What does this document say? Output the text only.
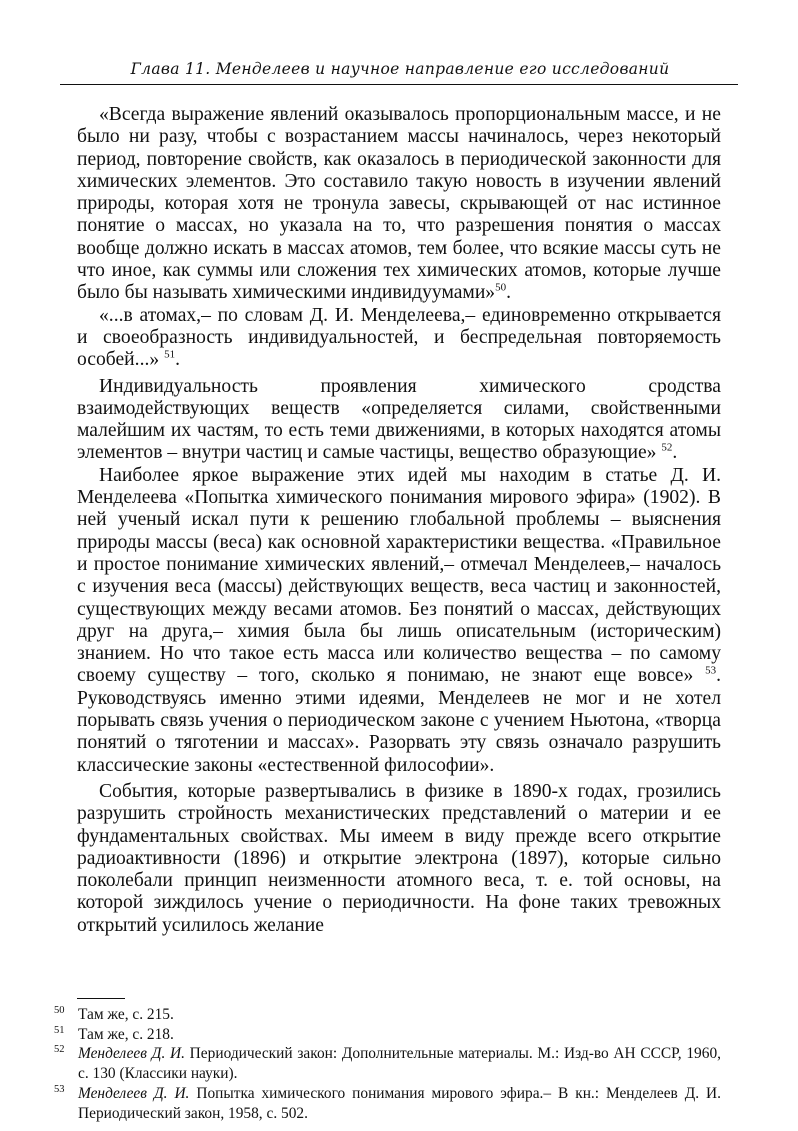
Глава 11. Менделеев и научное направление его исследований

«Всегда выражение явлений оказывалось пропорциональным массе, и не было ни разу, чтобы с возрастанием массы начиналось, через некоторый период, повторение свойств, как оказалось в периодической законности для химических элементов. Это составило такую новость в изучении явлений природы, которая хотя не тронула завесы, скрывающей от нас истинное понятие о массах, но указала на то, что разрешения понятия о массах вообще должно искать в массах атомов, тем более, что всякие массы суть не что иное, как суммы или сложения тех химических атомов, которые лучше было бы называть химическими индивидуумами»$^{50}$.

«...в атомах,– по словам Д. И. Менделеева,– единовременно открывается и своеобразность индивидуальностей, и беспредельная повторяемость особей...» $^{51}$.

Индивидуальность проявления химического сродства взаимодействующих веществ «определяется силами, свойственными малейшим их частям, то есть теми движениями, в которых находятся атомы элементов – внутри частиц и самые частицы, вещество образующие» $^{52}$.

Наиболее яркое выражение этих идей мы находим в статье Д. И. Менделеева «Попытка химического понимания мирового эфира» (1902). В ней ученый искал пути к решению глобальной проблемы – выяснения природы массы (веса) как основной характеристики вещества. «Правильное и простое понимание химических явлений,– отмечал Менделеев,– началось с изучения веса (массы) действующих веществ, веса частиц и законностей, существующих между весами атомов. Без понятий о массах, действующих друг на друга,– химия была бы лишь описательным (историческим) знанием. Но что такое есть масса или количество вещества – по самому своему существу – того, сколько я понимаю, не знают еще вовсе» $^{53}$. Руководствуясь именно этими идеями, Менделеев не мог и не хотел порывать связь учения о периодическом законе с учением Ньютона, «творца понятий о тяготении и массах». Разорвать эту связь означало разрушить классические законы «естественной философии».

События, которые развертывались в физике в 1890-х годах, грозились разрушить стройность механистических представлений о материи и ее фундаментальных свойствах. Мы имеем в виду прежде всего открытие радиоактивности (1896) и открытие электрона (1897), которые сильно поколебали принцип неизменности атомного веса, т. е. той основы, на которой зиждилось учение о периодичности. На фоне таких тревожных открытий усилилось желание

50 Там же, с. 215.
51 Там же, с. 218.
52 Менделеев Д. И. Периодический закон: Дополнительные материалы. М.: Изд-во АН СССР, 1960, с. 130 (Классики науки).
53 Менделеев Д. И. Попытка химического понимания мирового эфира.– В кн.: Менделеев Д. И. Периодический закон, 1958, с. 502.
